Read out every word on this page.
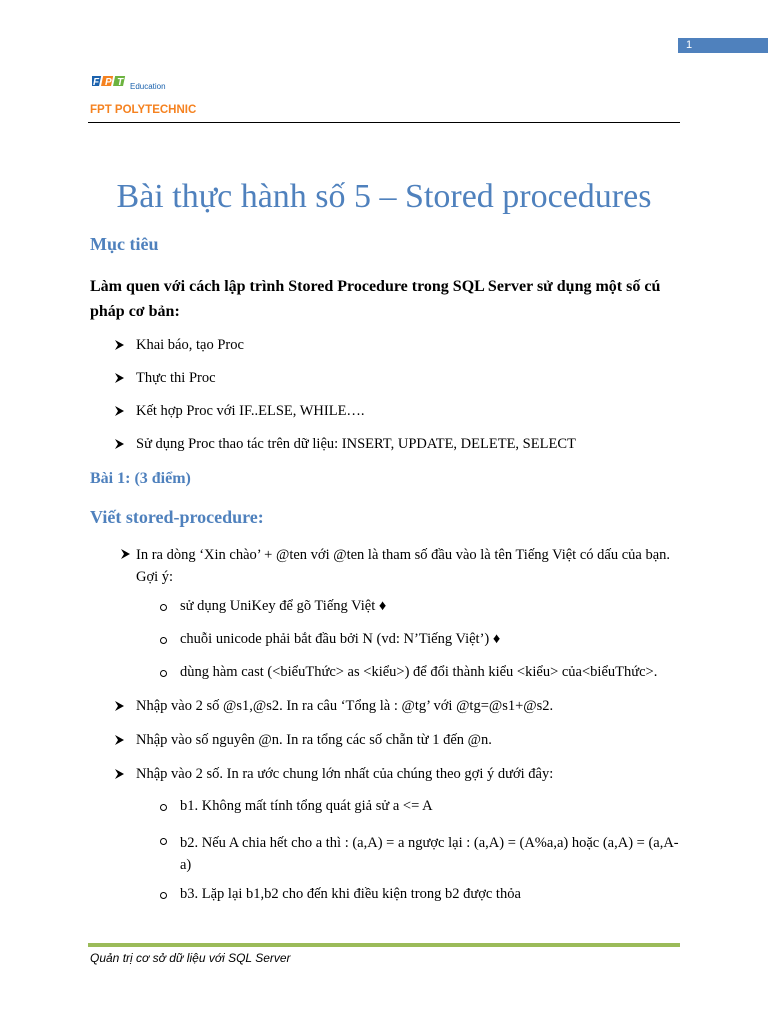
1
F P T Education
FPT POLYTECHNIC
Bài thực hành số 5 – Stored procedures
Mục tiêu
Làm quen với cách lập trình Stored Procedure trong SQL Server sử dụng một số cú pháp cơ bản:
Khai báo, tạo Proc
Thực thi Proc
Kết hợp Proc với IF..ELSE, WHILE….
Sử dụng Proc thao tác trên dữ liệu: INSERT, UPDATE, DELETE, SELECT
Bài 1: (3 điểm)
Viết stored-procedure:
In ra dòng ‘Xin chào’ + @ten với @ten là tham số đầu vào là tên Tiếng Việt có dấu của bạn. Gợi ý:
sử dụng UniKey để gõ Tiếng Việt ♦
chuỗi unicode phải bắt đầu bởi N (vd: N’Tiếng Việt’) ♦
dùng hàm cast (<biểuThức> as <kiểu>) để đổi thành kiểu <kiểu> của<biểuThức>.
Nhập vào 2 số @s1,@s2. In ra câu ‘Tổng là : @tg’ với @tg=@s1+@s2.
Nhập vào số nguyên @n. In ra tổng các số chẵn từ 1 đến @n.
Nhập vào 2 số. In ra ước chung lớn nhất của chúng theo gợi ý dưới đây:
b1. Không mất tính tổng quát giả sử a <= A
b2. Nếu A chia hết cho a thì : (a,A) = a ngược lại : (a,A) = (A%a,a) hoặc (a,A) = (a,A-a)
b3. Lặp lại b1,b2 cho đến khi điều kiện trong b2 được thỏa
Quản trị cơ sở dữ liệu với SQL Server
